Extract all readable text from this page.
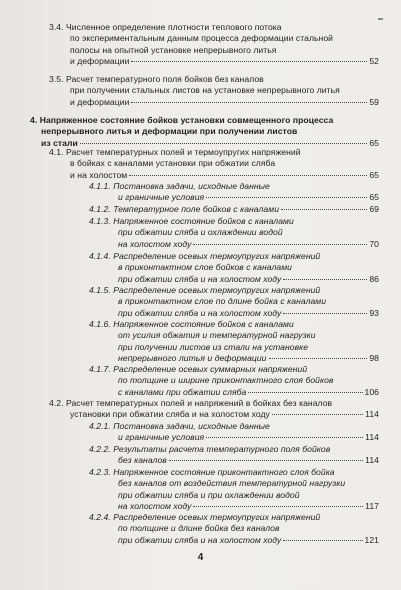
3.4. Численное определение плотности теплового потока
по экспериментальным данным процесса деформации стальной
полосы на опытной установке непрерывного литья
и деформации	52
3.5. Расчет температурного поля бойков без каналов
при получении стальных листов на установке непрерывного литья
и деформации	59
4. Напряженное состояние бойков установки совмещенного процесса
непрерывного литья и деформации при получении листов
из стали	65
4.1. Расчет температурных полей и термоупругих напряжений
в бойках с каналами установки при обжатии сляба
и на холостом	65
4.1.1. Постановка задачи, исходные данные
и граничные условия	65
4.1.2. Температурное поле бойков с каналами	69
4.1.3. Напряженное состояние бойков с каналами
при обжатии сляба и охлаждении водой
на холостом ходу	70
4.1.4. Распределение осевых термоупругих напряжений
в приконтактном слое бойков с каналами
при обжатии сляба и на холостом ходу	86
4.1.5. Распределение осевых термоупругих напряжений
в приконтактном слое по длине бойка с каналами
при обжатии сляба и на холостом ходу	93
4.1.6. Напряженное состояние бойков с каналами
от усилия обжатия и температурной нагрузки
при получении листов из стали на установке
непрерывного литья и деформации	98
4.1.7. Распределение осевых суммарных напряжений
по толщине и ширине приконтактного слоя бойков
с каналами при обжатии сляба	106
4.2. Расчет температурных полей и напряжений в бойках без каналов
установки при обжатии сляба и на холостом ходу	114
4.2.1. Постановка задачи, исходные данные
и граничные условия	114
4.2.2. Результаты расчета температурного поля бойков
без каналов	114
4.2.3. Напряженное состояние приконтактного слоя бойка
без каналов от воздействия температурной нагрузки
при обжатии сляба и при охлаждении водой
на холостом ходу	117
4.2.4. Распределение осевых термоупругих напряжений
по толщине и длине бойка без каналов
при обжатии сляба и на холостом ходу	121
4
